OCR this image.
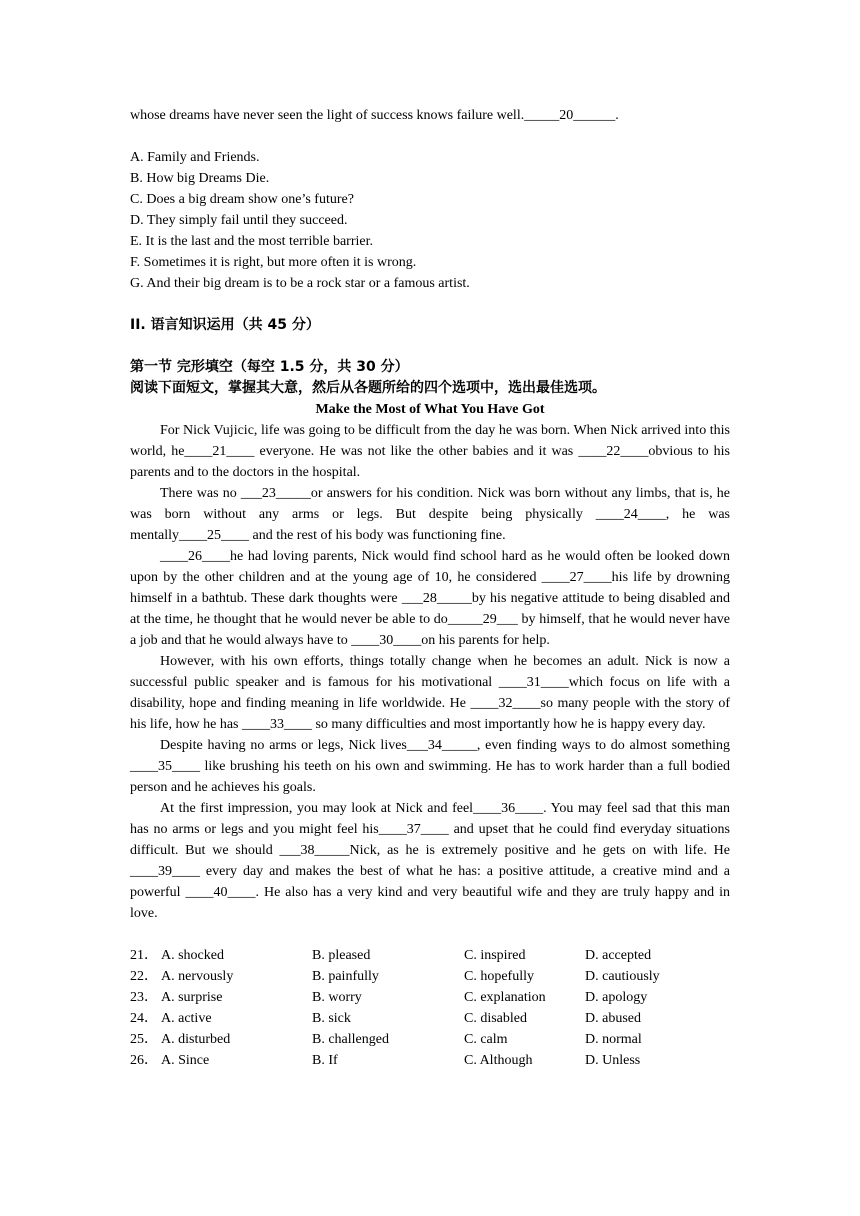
whose dreams have never seen the light of success knows failure well._____20______.
A. Family and Friends.
B. How big Dreams Die.
C. Does a big dream show one’s future?
D. They simply fail until they succeed.
E. It is the last and the most terrible barrier.
F. Sometimes it is right, but more often it is wrong.
G. And their big dream is to be a rock star or a famous artist.
II. 语言知识运用（共 45 分）
第一节 完形填空（每空 1.5 分，共 30 分）
阅读下面短文，掌握其大意，然后从各题所给的四个选项中，选出最佳选项。
Make the Most of What You Have Got

For Nick Vujicic, life was going to be difficult from the day he was born. When Nick arrived into this world, he____21____ everyone. He was not like the other babies and it was ____22____obvious to his parents and to the doctors in the hospital.

There was no ___23_____or answers for his condition. Nick was born without any limbs, that is, he was born without any arms or legs. But despite being physically ____24____, he was mentally____25____ and the rest of his body was functioning fine.

____26____he had loving parents, Nick would find school hard as he would often be looked down upon by the other children and at the young age of 10, he considered ____27____his life by drowning himself in a bathtub. These dark thoughts were ___28_____by his negative attitude to being disabled and at the time, he thought that he would never be able to do_____29___ by himself, that he would never have a job and that he would always have to ____30____on his parents for help.

However, with his own efforts, things totally change when he becomes an adult. Nick is now a successful public speaker and is famous for his motivational ____31____which focus on life with a disability, hope and finding meaning in life worldwide. He ____32____so many people with the story of his life, how he has ____33____ so many difficulties and most importantly how he is happy every day.

Despite having no arms or legs, Nick lives___34_____, even finding ways to do almost something ____35____ like brushing his teeth on his own and swimming. He has to work harder than a full bodied person and he achieves his goals.

At the first impression, you may look at Nick and feel____36____. You may feel sad that this man has no arms or legs and you might feel his____37____ and upset that he could find everyday situations difficult. But we should ___38_____Nick, as he is extremely positive and he gets on with life. He ____39____ every day and makes the best of what he has: a positive attitude, a creative mind and a powerful ____40____. He also has a very kind and very beautiful wife and they are truly happy and in love.

21．	A. shocked	B. pleased	C. inspired	D. accepted
22．	A. nervously	B. painfully	C. hopefully	D. cautiously
23．	A. surprise	B. worry	C. explanation	D. apology
24．	A. active	B. sick	C. disabled	D. abused
25．	A. disturbed	B. challenged	C. calm	D. normal
26．	A. Since	B. If	C. Although	D. Unless
